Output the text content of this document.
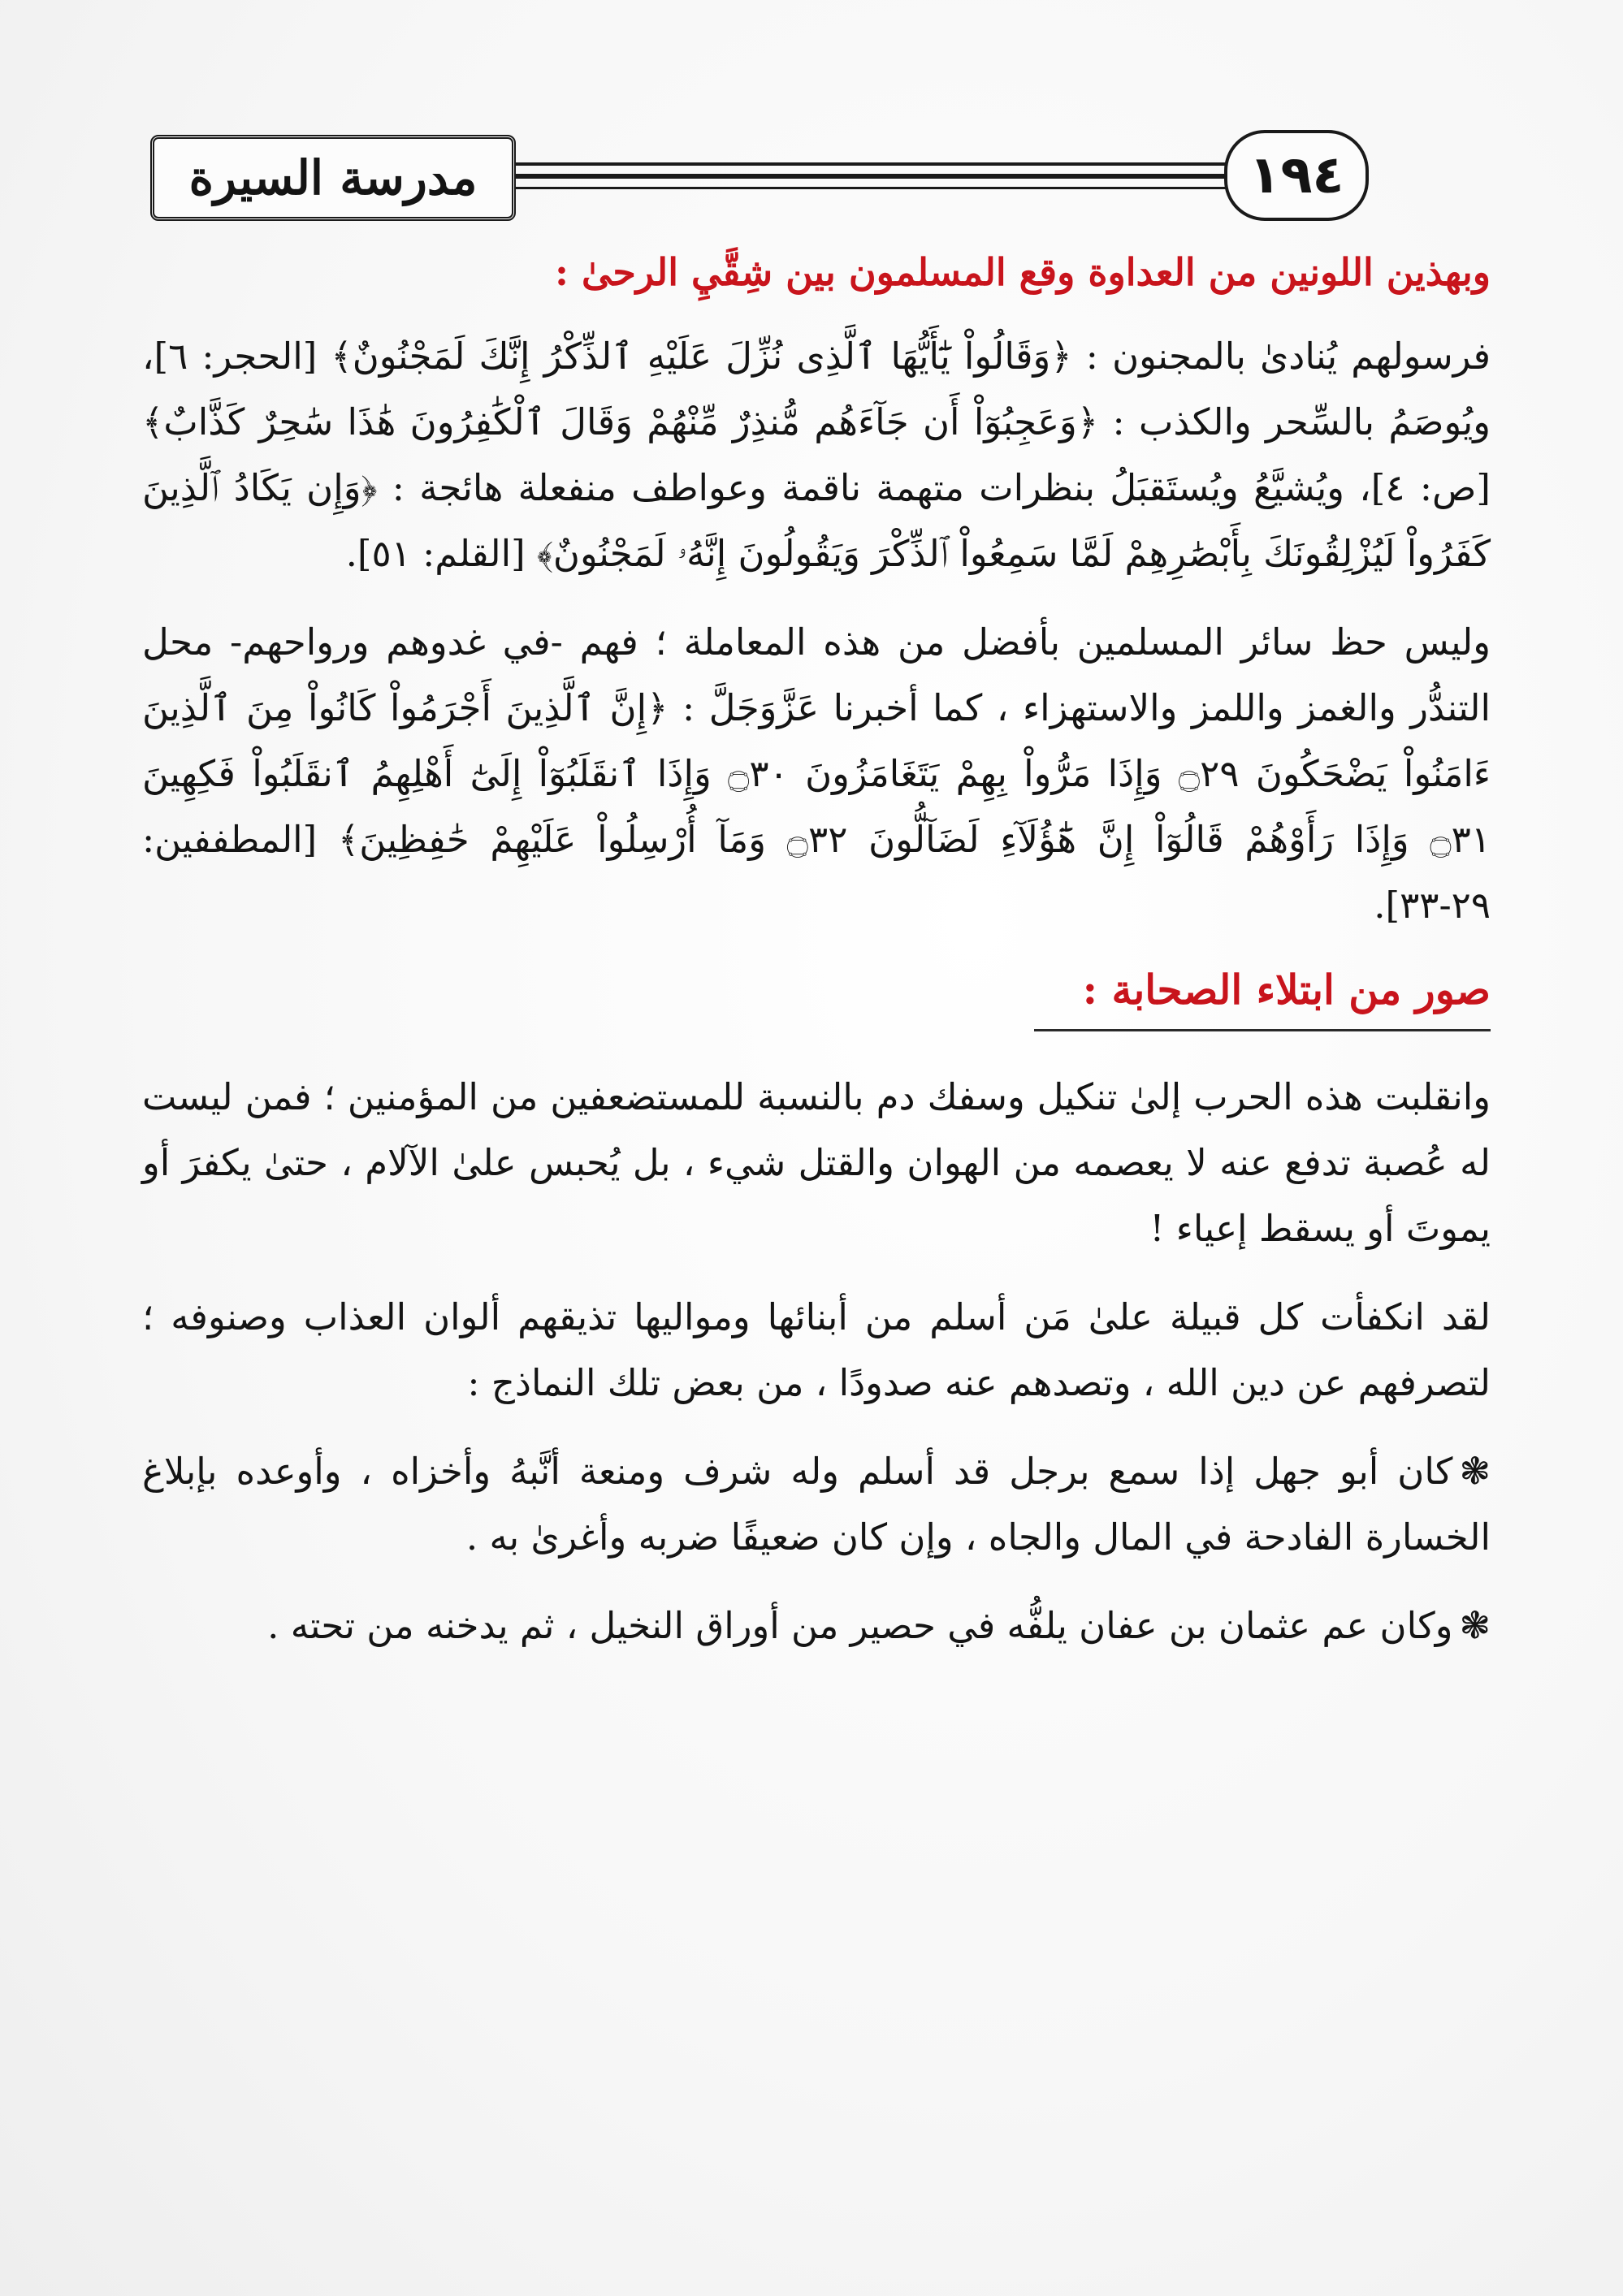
مدرسة السيرة	١٩٤

وبهذين اللونين من العداوة وقع المسلمون بين شِقَّيِ الرحىٰ :

فرسولهم يُنادىٰ بالمجنون : ﴿وَقَالُواْ يَٰٓأَيُّهَا ٱلَّذِى نُزِّلَ عَلَيْهِ ٱلذِّكْرُ إِنَّكَ لَمَجْنُونٌ﴾ [الحجر: ٦]، ويُوصَمُ بالسِّحر والكذب : ﴿وَعَجِبُوٓاْ أَن جَآءَهُم مُّنذِرٌ مِّنْهُمْ وَقَالَ ٱلْكَٰفِرُونَ هَٰذَا سَٰحِرٌ كَذَّابٌ﴾ [ص: ٤]، ويُشيَّعُ ويُستَقبَلُ بنظرات متهمة ناقمة وعواطف منفعلة هائجة : ﴿وَإِن يَكَادُ ٱلَّذِينَ كَفَرُواْ لَيُزْلِقُونَكَ بِأَبْصَٰرِهِمْ لَمَّا سَمِعُواْ ٱلذِّكْرَ وَيَقُولُونَ إِنَّهُۥ لَمَجْنُونٌ﴾ [القلم: ٥١].

وليس حظ سائر المسلمين بأفضل من هذه المعاملة ؛ فهم -في غدوهم ورواحهم- محل التندُّر والغمز واللمز والاستهزاء ، كما أخبرنا عَزَّوَجَلَّ : ﴿إِنَّ ٱلَّذِينَ أَجْرَمُواْ كَانُواْ مِنَ ٱلَّذِينَ ءَامَنُواْ يَضْحَكُونَ ۝٢٩ وَإِذَا مَرُّواْ بِهِمْ يَتَغَامَزُونَ ۝٣٠ وَإِذَا ٱنقَلَبُوٓاْ إِلَىٰٓ أَهْلِهِمُ ٱنقَلَبُواْ فَكِهِينَ ۝٣١ وَإِذَا رَأَوْهُمْ قَالُوٓاْ إِنَّ هَٰٓؤُلَآءِ لَضَآلُّونَ ۝٣٢ وَمَآ أُرْسِلُواْ عَلَيْهِمْ حَٰفِظِينَ﴾ [المطففين: ٢٩-٣٣].

صور من ابتلاء الصحابة :

وانقلبت هذه الحرب إلىٰ تنكيل وسفك دم بالنسبة للمستضعفين من المؤمنين ؛ فمن ليست له عُصبة تدفع عنه لا يعصمه من الهوان والقتل شيء ، بل يُحبس علىٰ الآلام ، حتىٰ يكفرَ أو يموتَ أو يسقط إعياء !

لقد انكفأت كل قبيلة علىٰ مَن أسلم من أبنائها ومواليها تذيقهم ألوان العذاب وصنوفه ؛ لتصرفهم عن دين الله ، وتصدهم عنه صدودًا ، من بعض تلك النماذج :

❃كان أبو جهل إذا سمع برجل قد أسلم وله شرف ومنعة أنَّبهُ وأخزاه ، وأوعده بإبلاغ الخسارة الفادحة في المال والجاه ، وإن كان ضعيفًا ضربه وأغرىٰ به .

❃وكان عم عثمان بن عفان يلفُّه في حصير من أوراق النخيل ، ثم يدخنه من تحته .
